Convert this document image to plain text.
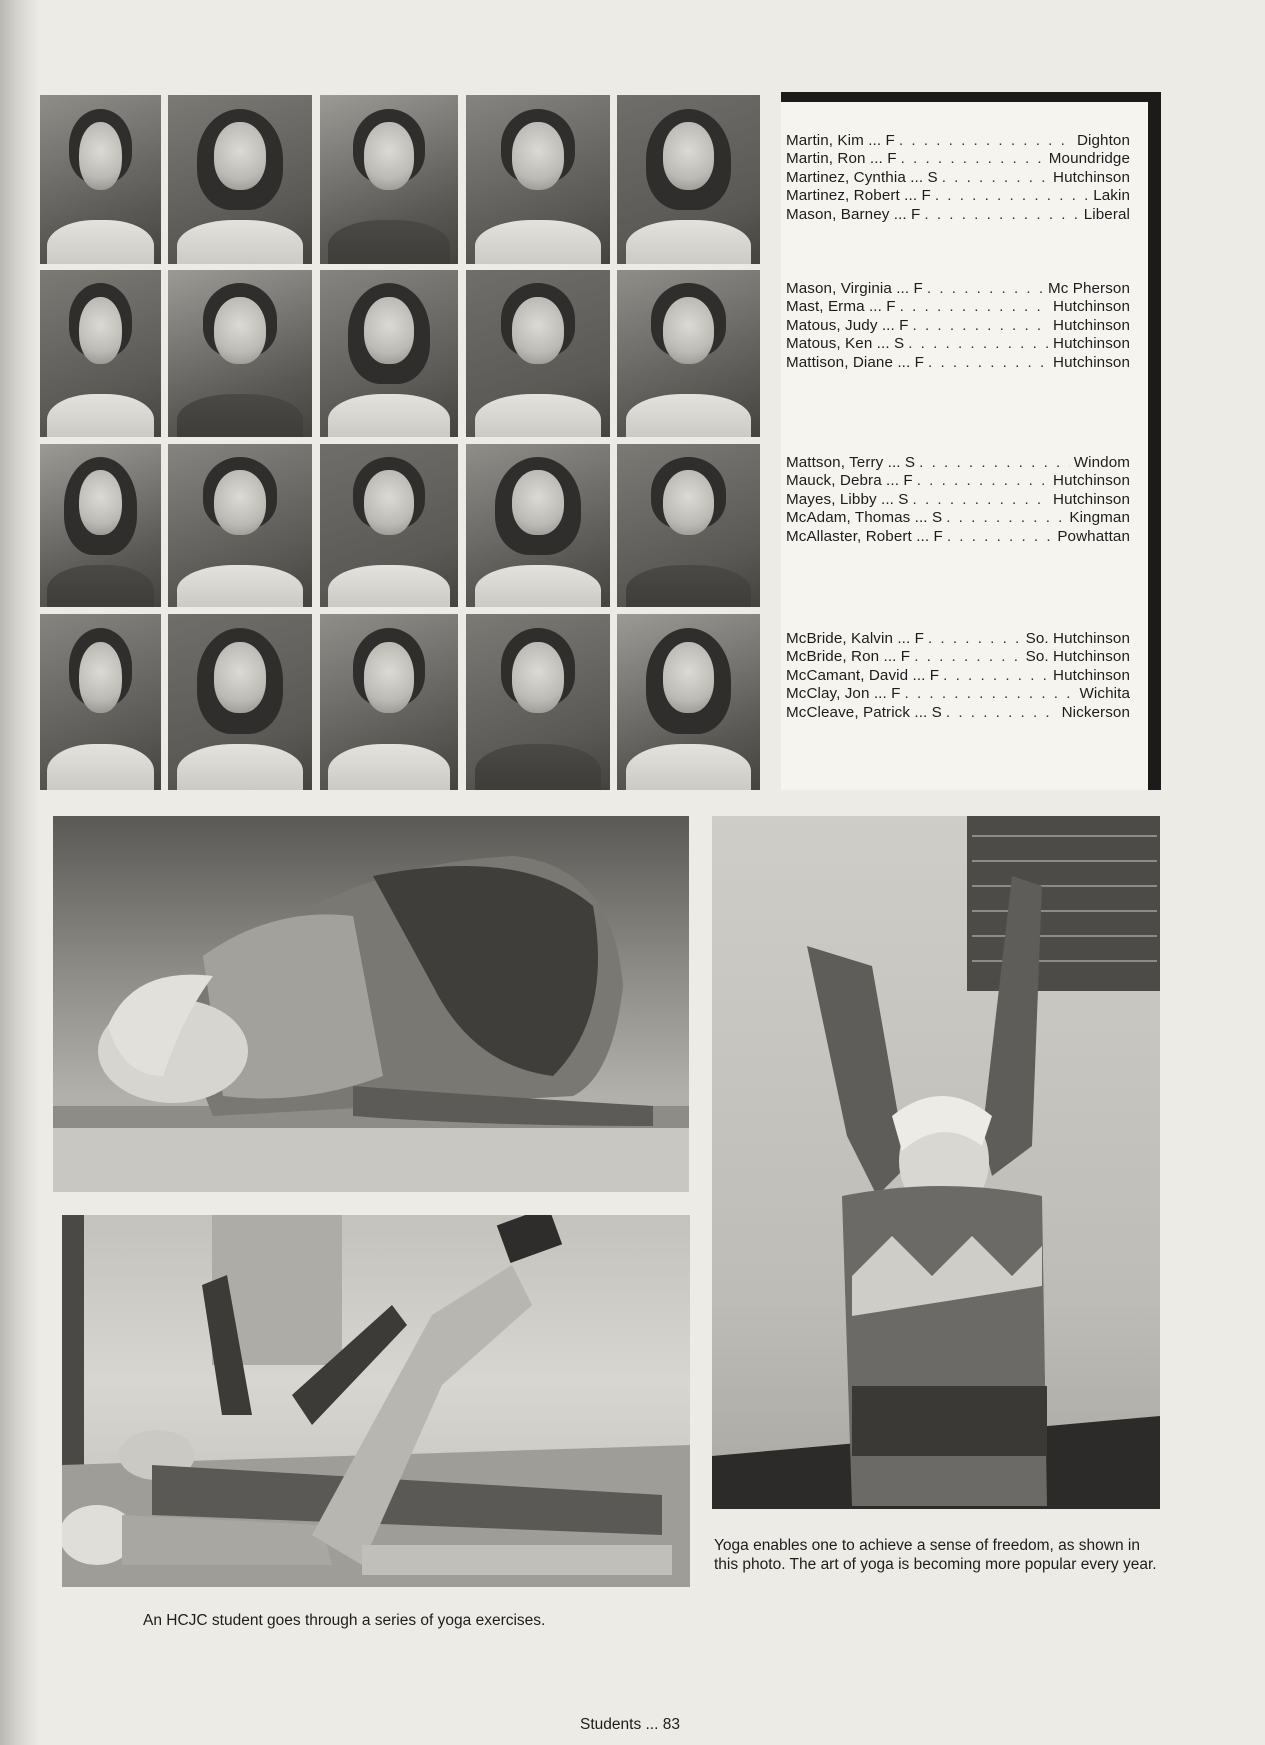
Martin, Kim ... F . . .	Dighton
Martin, Ron ... F . . .	Moundridge
Martinez, Cynthia ... S . . .	Hutchinson
Martinez, Robert ... F . . .	Lakin
Mason, Barney ... F . . .	Liberal
Mason, Virginia ... F . . .	Mc Pherson
Mast, Erma ... F . . .	Hutchinson
Matous, Judy ... F . . .	Hutchinson
Matous, Ken ... S . . .	Hutchinson
Mattison, Diane ... F . . .	Hutchinson
Mattson, Terry ... S . . .	Windom
Mauck, Debra ... F . . .	Hutchinson
Mayes, Libby ... S . . .	Hutchinson
McAdam, Thomas ... S . . .	Kingman
McAllaster, Robert ... F . . .	Powhattan
McBride, Kalvin ... F . . .	So. Hutchinson
McBride, Ron ... F . . .	So. Hutchinson
McCamant, David ... F . . .	Hutchinson
McClay, Jon ... F . . .	Wichita
McCleave, Patrick ... S . . .	Nickerson
Yoga enables one to achieve a sense of freedom, as shown in this photo. The art of yoga is becoming more popular every year.
An HCJC student goes through a series of yoga exercises.
Students ... 83
